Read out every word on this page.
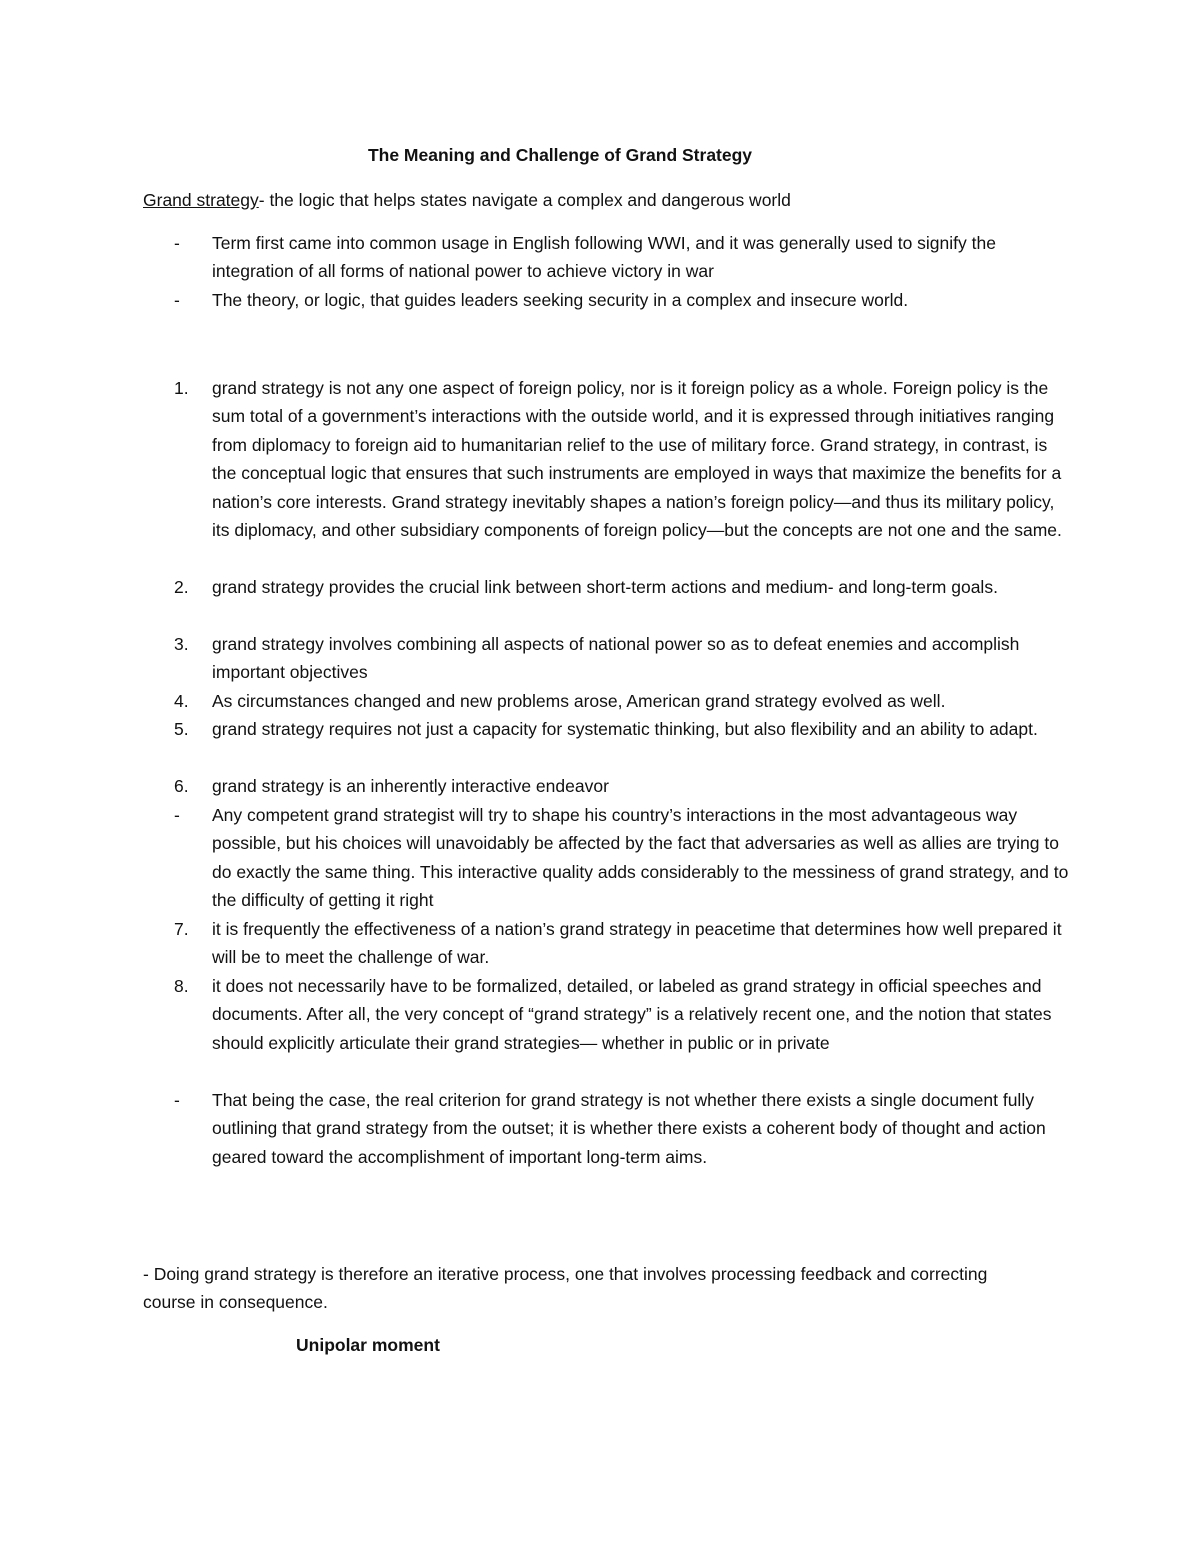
The Meaning and Challenge of Grand Strategy
Grand strategy- the logic that helps states navigate a complex and dangerous world
-	Term first came into common usage in English following WWI, and it was generally used to signify the integration of all forms of national power to achieve victory in war
-	The theory, or logic, that guides leaders seeking security in a complex and insecure world.
1.	grand strategy is not any one aspect of foreign policy, nor is it foreign policy as a whole. Foreign policy is the sum total of a government’s interactions with the outside world, and it is expressed through initiatives ranging from diplomacy to foreign aid to humanitarian relief to the use of military force. Grand strategy, in contrast, is the conceptual logic that ensures that such instruments are employed in ways that maximize the benefits for a nation’s core interests. Grand strategy inevitably shapes a nation’s foreign policy—and thus its military policy, its diplomacy, and other subsidiary components of foreign policy—but the concepts are not one and the same.
2.	grand strategy provides the crucial link between short-term actions and medium- and long-term goals.
3.	grand strategy involves combining all aspects of national power so as to defeat enemies and accomplish important objectives
4.	As circumstances changed and new problems arose, American grand strategy evolved as well.
5.	grand strategy requires not just a capacity for systematic thinking, but also flexibility and an ability to adapt.
6.	grand strategy is an inherently interactive endeavor
-	Any competent grand strategist will try to shape his country’s interactions in the most advantageous way possible, but his choices will unavoidably be affected by the fact that adversaries as well as allies are trying to do exactly the same thing. This interactive quality adds considerably to the messiness of grand strategy, and to the difficulty of getting it right
7.	it is frequently the effectiveness of a nation’s grand strategy in peacetime that determines how well prepared it will be to meet the challenge of war.
8.	it does not necessarily have to be formalized, detailed, or labeled as grand strategy in official speeches and documents. After all, the very concept of “grand strategy” is a relatively recent one, and the notion that states should explicitly articulate their grand strategies— whether in public or in private
-	That being the case, the real criterion for grand strategy is not whether there exists a single document fully outlining that grand strategy from the outset; it is whether there exists a coherent body of thought and action geared toward the accomplishment of important long-term aims.
- Doing grand strategy is therefore an iterative process, one that involves processing feedback and correcting course in consequence.
Unipolar moment
